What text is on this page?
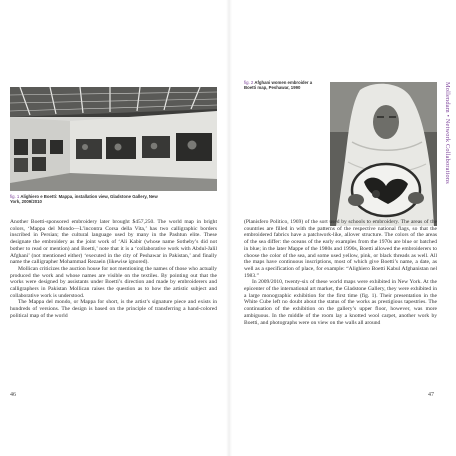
fig. 1 Alighiero e Boetti: Mappa, installation view, Gladstone Gallery, New York, 2009/2010

Another Boetti-sponsored embroidery later brought $457,250. The world map in bright colors, ‘Mappa del Mondo—L’incontra Corsa della Vita,’ has two calligraphic borders inscribed in Persian; the cultural language used by many in the Pashtun elite. These designate the embroidery as the joint work of ‘Ali Kabir (whose name Sotheby’s did not bother to read or mention) and Boetti,’ note that it is a ‘collaborative work with Abdul-Jalil Afghani’ (not mentioned either) ‘executed in the city of Peshawar in Pakistan,’ and finally name the calligrapher Mohammad Rezaein (likewise ignored).

Mollican criticizes the auction house for not mentioning the names of those who actually produced the work and whose names are visible on the textiles. By pointing out that the works were designed by assistants under Boetti’s direction and made by embroiderers and calligraphers in Pakistan Mollican raises the question as to how the artistic subject and collaborative work is understood.

The Mappa del mondo, or Mappa for short, is the artist’s signature piece and exists in hundreds of versions. The design is based on the principle of transferring a hand-colored political map of the world

46
fig. 2 Afghani women embroider a Boetti map, Peshawar, 1990

(Planisfero Politico, 1969) of the sort used by schools to embroidery. The areas of the countries are filled in with the patterns of the respective national flags, so that the embroidered fabrics have a patchwork-like, allover structure. The colors of the areas of the sea differ: the oceans of the early examples from the 1970s are blue or batched in blue; in the later Mappe of the 1980s and 1990s, Boetti allowed the embroiderers to choose the color of the sea, and some used yellow, pink, or black threads as well. All the maps have continuous inscriptions, most of which give Boetti’s name, a date, as well as a specification of place, for example: “Alighiero Boetti Kabul Afghanistan nel 1983.”

In 2009/2010, twenty-six of these world maps were exhibited in New York. At the epicenter of the international art market, the Gladstone Gallery, they were exhibited in a large monographic exhibition for the first time (fig. 1). Their presentation in the White Cube left no doubt about the status of the works as prestigious tapestries. The continuation of the exhibition on the gallery’s upper floor, however, was more ambiguous. In the middle of the room lay a knotted wool carpet, another work by Boetti, and photographs were on view on the walls all around

47
Mollendam • Network Collaborations
